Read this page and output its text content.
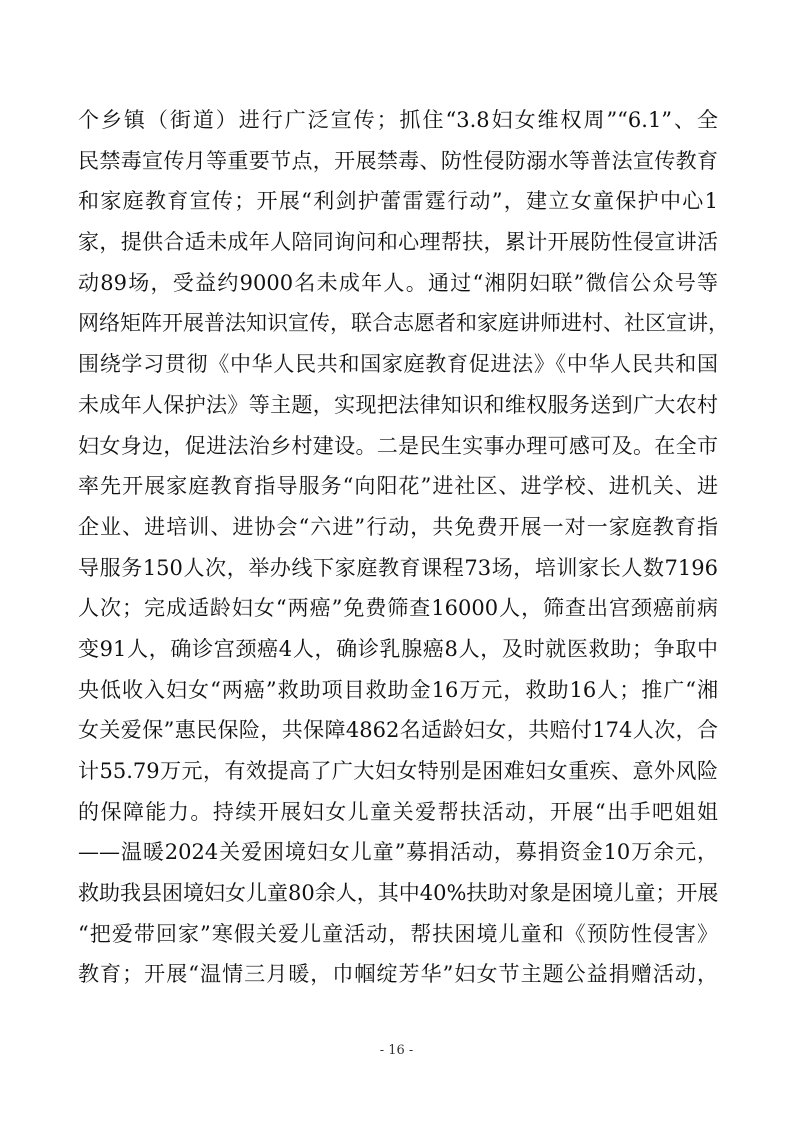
个乡镇（街道）进行广泛宣传；抓住“3.8妇女维权周”“6.1”、全
民禁毒宣传月等重要节点，开展禁毒、防性侵防溺水等普法宣传教育
和家庭教育宣传；开展“利剑护蕾雷霆行动”，建立女童保护中心1
家，提供合适未成年人陪同询问和心理帮扶，累计开展防性侵宣讲活
动89场，受益约9000名未成年人。通过“湘阴妇联”微信公众号等
网络矩阵开展普法知识宣传，联合志愿者和家庭讲师进村、社区宣讲，
围绕学习贯彻《中华人民共和国家庭教育促进法》《中华人民共和国
未成年人保护法》等主题，实现把法律知识和维权服务送到广大农村
妇女身边，促进法治乡村建设。二是民生实事办理可感可及。在全市
率先开展家庭教育指导服务“向阳花”进社区、进学校、进机关、进
企业、进培训、进协会“六进”行动，共免费开展一对一家庭教育指
导服务150人次，举办线下家庭教育课程73场，培训家长人数7196
人次；完成适龄妇女“两癌”免费筛查16000人，筛查出宫颈癌前病
变91人，确诊宫颈癌4人，确诊乳腺癌8人，及时就医救助；争取中
央低收入妇女“两癌”救助项目救助金16万元，救助16人；推广“湘
女关爱保”惠民保险，共保障4862名适龄妇女，共赔付174人次，合
计55.79万元，有效提高了广大妇女特别是困难妇女重疾、意外风险
的保障能力。持续开展妇女儿童关爱帮扶活动，开展“出手吧姐姐
——温暖2024关爱困境妇女儿童”募捐活动，募捐资金10万余元，
救助我县困境妇女儿童80余人，其中40%扶助对象是困境儿童；开展
“把爱带回家”寒假关爱儿童活动，帮扶困境儿童和《预防性侵害》
教育；开展“温情三月暖，巾帼绽芳华”妇女节主题公益捐赠活动，
- 16 -
